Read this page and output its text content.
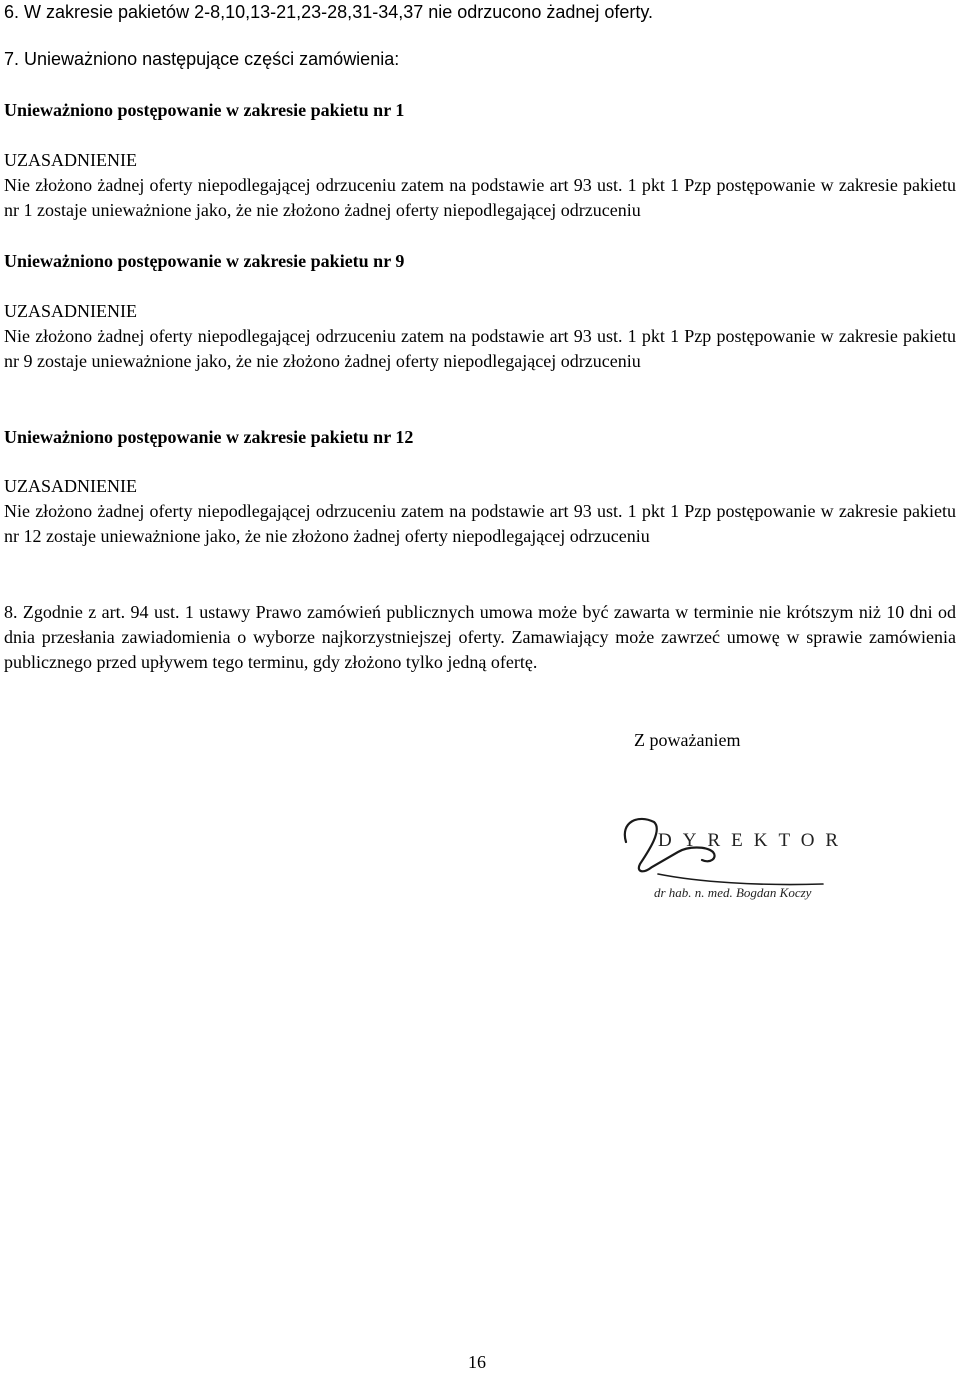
6. W zakresie pakietów 2-8,10,13-21,23-28,31-34,37 nie odrzucono żadnej oferty.
7. Unieważniono następujące części zamówienia:
Unieważniono postępowanie w zakresie pakietu nr 1
UZASADNIENIE
Nie złożono żadnej oferty niepodlegającej odrzuceniu zatem na podstawie art 93 ust. 1 pkt 1 Pzp postępowanie w zakresie pakietu nr 1 zostaje unieważnione jako, że nie złożono żadnej oferty niepodlegającej odrzuceniu
Unieważniono postępowanie w zakresie pakietu nr 9
UZASADNIENIE
Nie złożono żadnej oferty niepodlegającej odrzuceniu zatem na podstawie art 93 ust. 1 pkt 1 Pzp postępowanie w zakresie pakietu nr 9 zostaje unieważnione jako, że nie złożono żadnej oferty niepodlegającej odrzuceniu
Unieważniono postępowanie w zakresie pakietu nr 12
UZASADNIENIE
Nie złożono żadnej oferty niepodlegającej odrzuceniu zatem na podstawie art 93 ust. 1 pkt 1 Pzp postępowanie w zakresie pakietu nr 12 zostaje unieważnione jako, że nie złożono żadnej oferty niepodlegającej odrzuceniu
8. Zgodnie z art. 94 ust. 1 ustawy Prawo zamówień publicznych umowa może być zawarta w terminie nie krótszym niż 10 dni od dnia przesłania zawiadomienia o wyborze najkorzystniejszej oferty. Zamawiający może zawrzeć umowę w sprawie zamówienia publicznego przed upływem tego terminu, gdy złożono tylko jedną ofertę.
Z poważaniem
DYREKTOR
dr hab. n. med. Bogdan Koczy
16
